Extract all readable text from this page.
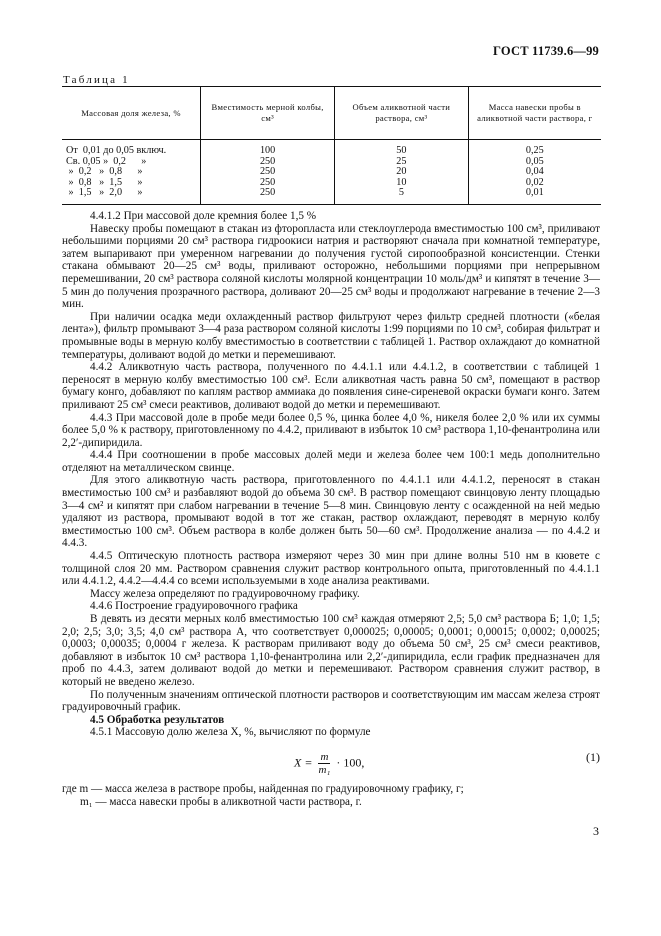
ГОСТ 11739.6—99
Таблица 1
Массовая доля железа, %	Вместимость мерной колбы, см³	Объем аликвотной части раствора, см³	Масса навески пробы в аликвотной части раствора, г
От  0,01 до 0,05 включ.	100	50	0,25
Св. 0,05 »  0,2      »	250	25	0,05
»  0,2   »  0,8      »	250	20	0,04
»  0,8   »  1,5      »	250	10	0,02
»  1,5   »  2,0      »	250	5	0,01

4.4.1.2 При массовой доле кремния более 1,5 %

Навеску пробы помещают в стакан из фторопласта или стеклоуглерода вместимостью 100 см³, приливают небольшими порциями 20 см³ раствора гидроокиси натрия и растворяют сначала при комнатной температуре, затем выпаривают при умеренном нагревании до получения густой сиропообразной консистенции. Стенки стакана обмывают 20—25 см³ воды, приливают осторожно, небольшими порциями при непрерывном перемешивании, 20 см³ раствора соляной кислоты молярной концентрации 10 моль/дм³ и кипятят в течение 3—5 мин до получения прозрачного раствора, доливают 20—25 см³ воды и продолжают нагревание в течение 2—3 мин.

При наличии осадка меди охлажденный раствор фильтруют через фильтр средней плотности («белая лента»), фильтр промывают 3—4 раза раствором соляной кислоты 1:99 порциями по 10 см³, собирая фильтрат и промывные воды в мерную колбу вместимостью в соответствии с таблицей 1. Раствор охлаждают до комнатной температуры, доливают водой до метки и перемешивают.

4.4.2 Аликвотную часть раствора, полученного по 4.4.1.1 или 4.4.1.2, в соответствии с таблицей 1 переносят в мерную колбу вместимостью 100 см³. Если аликвотная часть равна 50 см³, помещают в раствор бумагу конго, добавляют по каплям раствор аммиака до появления сине-сиреневой окраски бумаги конго. Затем приливают 25 см³ смеси реактивов, доливают водой до метки и перемешивают.

4.4.3 При массовой доле в пробе меди более 0,5 %, цинка более 4,0 %, никеля более 2,0 % или их суммы более 5,0 % к раствору, приготовленному по 4.4.2, приливают в избыток 10 см³ раствора 1,10-фенантролина или 2,2′-дипиридила.

4.4.4 При соотношении в пробе массовых долей меди и железа более чем 100:1 медь дополнительно отделяют на металлическом свинце.

Для этого аликвотную часть раствора, приготовленного по 4.4.1.1 или 4.4.1.2, переносят в стакан вместимостью 100 см³ и разбавляют водой до объема 30 см³. В раствор помещают свинцовую ленту площадью 3—4 см² и кипятят при слабом нагревании в течение 5—8 мин. Свинцовую ленту с осажденной на ней медью удаляют из раствора, промывают водой в тот же стакан, раствор охлаждают, переводят в мерную колбу вместимостью 100 см³. Объем раствора в колбе должен быть 50—60 см³. Продолжение анализа — по 4.4.2 и 4.4.3.

4.4.5 Оптическую плотность раствора измеряют через 30 мин при длине волны 510 нм в кювете с толщиной слоя 20 мм. Раствором сравнения служит раствор контрольного опыта, приготовленный по 4.4.1.1 или 4.4.1.2, 4.4.2—4.4.4 со всеми используемыми в ходе анализа реактивами.

Массу железа определяют по градуировочному графику.

4.4.6 Построение градуировочного графика

В девять из десяти мерных колб вместимостью 100 см³ каждая отмеряют 2,5; 5,0 см³ раствора Б; 1,0; 1,5; 2,0; 2,5; 3,0; 3,5; 4,0 см³ раствора А, что соответствует 0,000025; 0,00005; 0,0001; 0,00015; 0,0002; 0,00025; 0,0003; 0,00035; 0,0004 г железа. К растворам приливают воду до объема 50 см³, 25 см³ смеси реактивов, добавляют в избыток 10 см³ раствора 1,10-фенантролина или 2,2′-дипиридила, если график предназначен для проб по 4.4.3, затем доливают водой до метки и перемешивают. Раствором сравнения служит раствор, в который не введено железо.

По полученным значениям оптической плотности растворов и соответствующим им массам железа строят градуировочный график.

4.5 Обработка результатов

4.5.1 Массовую долю железа X, %, вычисляют по формуле

$X = \frac{m}{\text{m₁}} \cdot 100$,	(1)

где m — масса железа в растворе пробы, найденная по градуировочному графику, г;

m₁ — масса навески пробы в аликвотной части раствора, г.

3
